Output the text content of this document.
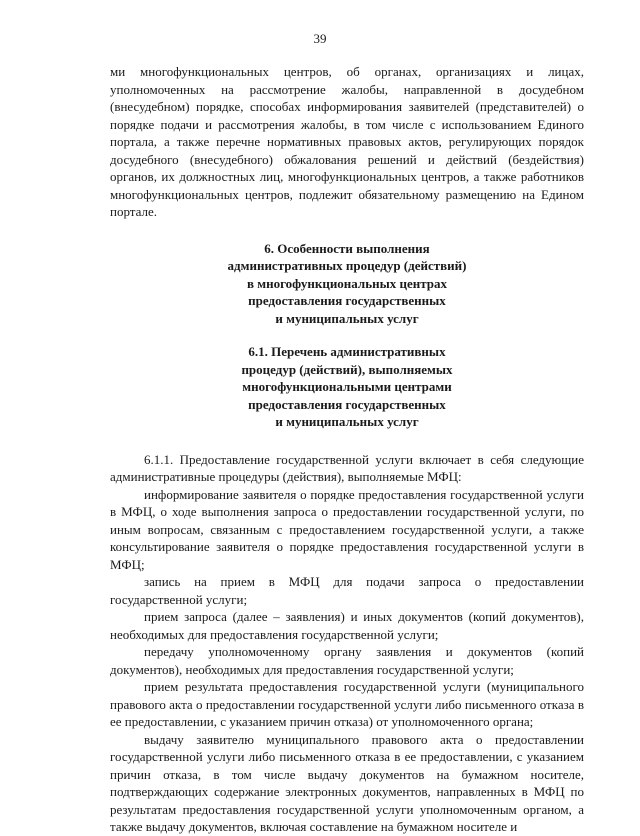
39

ми многофункциональных центров, об органах, организациях и лицах, уполномоченных на рассмотрение жалобы, направленной в досудебном (внесудебном) порядке, способах информирования заявителей (представителей) о порядке подачи и рассмотрения жалобы, в том числе с использованием Единого портала, а также перечне нормативных правовых актов, регулирующих порядок досудебного (внесудебного) обжалования решений и действий (бездействия) органов, их должностных лиц, многофункциональных центров, а также работников многофункциональных центров, подлежит обязательному размещению на Едином портале.

6. Особенности выполнения
административных процедур (действий)
в многофункциональных центрах
предоставления государственных
и муниципальных услуг
6.1. Перечень административных
процедур (действий), выполняемых
многофункциональными центрами
предоставления государственных
и муниципальных услуг

6.1.1. Предоставление государственной услуги включает в себя следующие административные процедуры (действия), выполняемые МФЦ:

информирование заявителя о порядке предоставления государственной услуги в МФЦ, о ходе выполнения запроса о предоставлении государственной услуги, по иным вопросам, связанным с предоставлением государственной услуги, а также консультирование заявителя о порядке предоставления государственной услуги в МФЦ;

запись на прием в МФЦ для подачи запроса о предоставлении государственной услуги;

прием запроса (далее – заявления) и иных документов (копий документов), необходимых для предоставления государственной услуги;

передачу уполномоченному органу заявления и документов (копий документов), необходимых для предоставления государственной услуги;

прием результата предоставления государственной услуги (муниципального правового акта о предоставлении государственной услуги либо письменного отказа в ее предоставлении, с указанием причин отказа) от уполномоченного органа;

выдачу заявителю муниципального правового акта о предоставлении государственной услуги либо письменного отказа в ее предоставлении, с указанием причин отказа, в том числе выдачу документов на бумажном носителе, подтверждающих содержание электронных документов, направленных в МФЦ по результатам предоставления государственной услуги уполномоченным органом, а также выдачу документов, включая составление на бумажном носителе и
